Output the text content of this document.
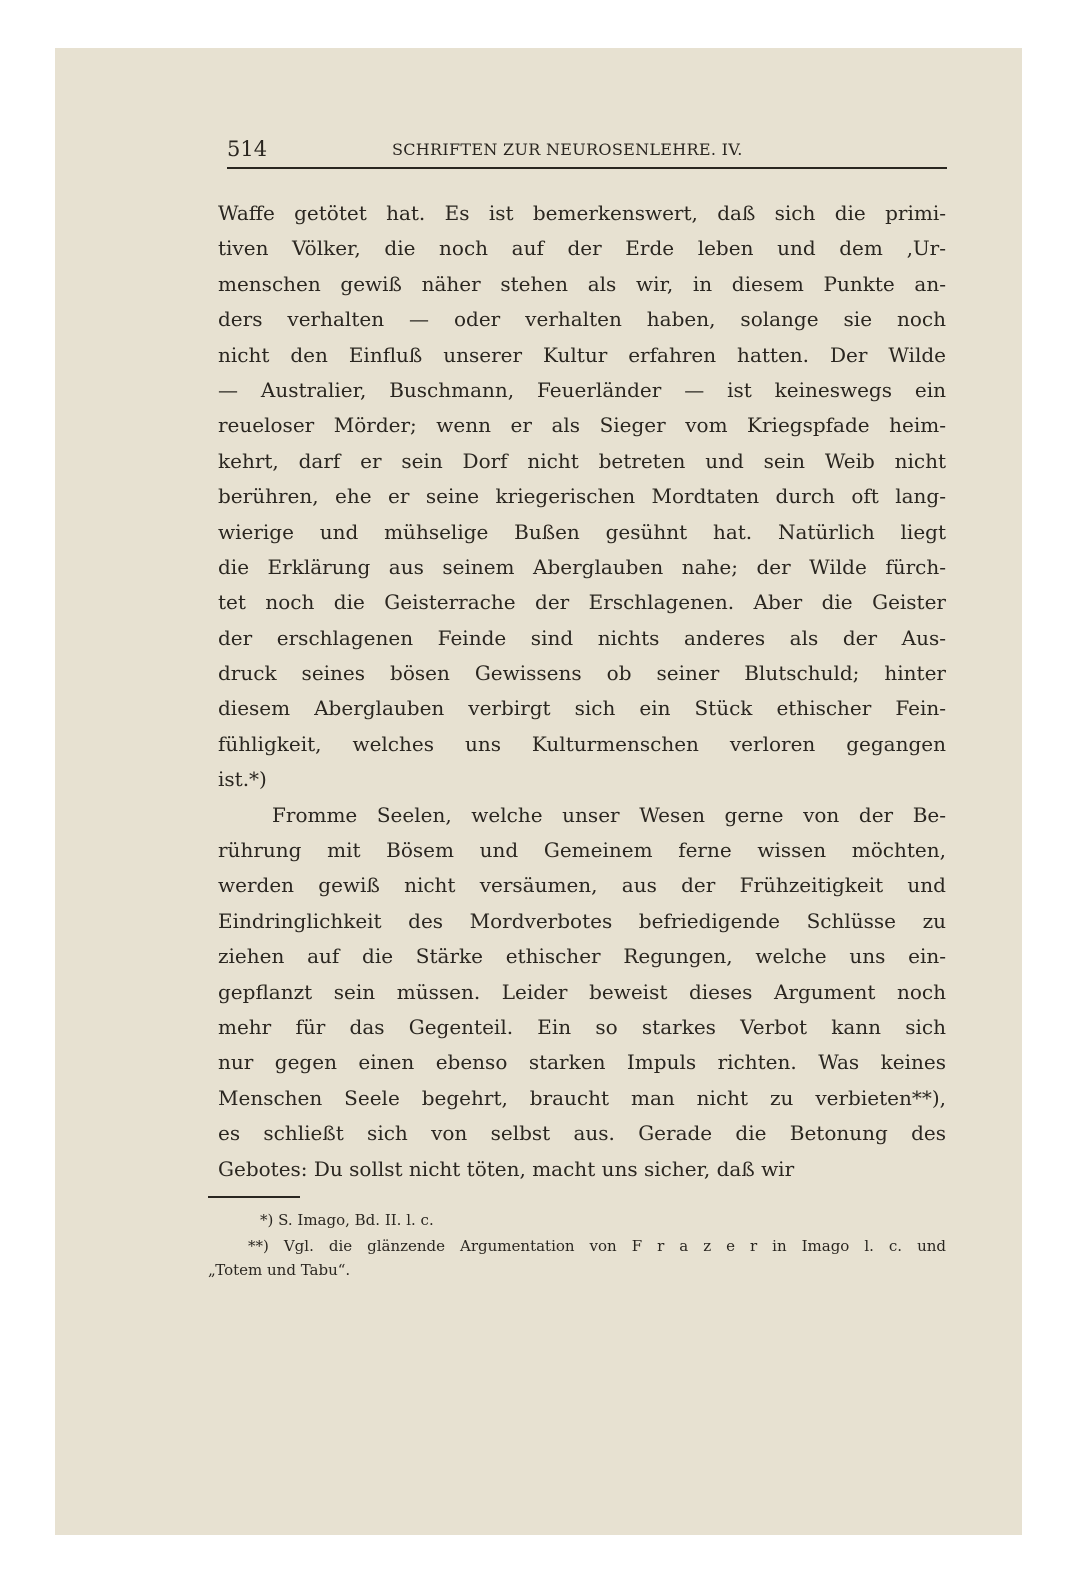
514	SCHRIFTEN ZUR NEUROSENLEHRE. IV.
Waffe getötet hat. Es ist bemerkenswert, daß sich die primi-
tiven Völker, die noch auf der Erde leben und dem ‚Ur-
menschen gewiß näher stehen als wir, in diesem Punkte an-
ders verhalten — oder verhalten haben, solange sie noch
nicht den Einfluß unserer Kultur erfahren hatten. Der Wilde
— Australier, Buschmann, Feuerländer — ist keineswegs ein
reueloser Mörder; wenn er als Sieger vom Kriegspfade heim-
kehrt, darf er sein Dorf nicht betreten und sein Weib nicht
berühren, ehe er seine kriegerischen Mordtaten durch oft lang-
wierige und mühselige Bußen gesühnt hat. Natürlich liegt
die Erklärung aus seinem Aberglauben nahe; der Wilde fürch-
tet noch die Geisterrache der Erschlagenen. Aber die Geister
der erschlagenen Feinde sind nichts anderes als der Aus-
druck seines bösen Gewissens ob seiner Blutschuld; hinter
diesem Aberglauben verbirgt sich ein Stück ethischer Fein-
fühligkeit, welches uns Kulturmenschen verloren gegangen
ist.*)
Fromme Seelen, welche unser Wesen gerne von der Be-
rührung mit Bösem und Gemeinem ferne wissen möchten,
werden gewiß nicht versäumen, aus der Frühzeitigkeit und
Eindringlichkeit des Mordverbotes befriedigende Schlüsse zu
ziehen auf die Stärke ethischer Regungen, welche uns ein-
gepflanzt sein müssen. Leider beweist dieses Argument noch
mehr für das Gegenteil. Ein so starkes Verbot kann sich
nur gegen einen ebenso starken Impuls richten. Was keines
Menschen Seele begehrt, braucht man nicht zu verbieten**),
es schließt sich von selbst aus. Gerade die Betonung des
Gebotes: Du sollst nicht töten, macht uns sicher, daß wir
*) S. Imago, Bd. II. l. c.
**) Vgl. die glänzende Argumentation von F r a z e r in Imago l. c. und
„Totem und Tabu“.
